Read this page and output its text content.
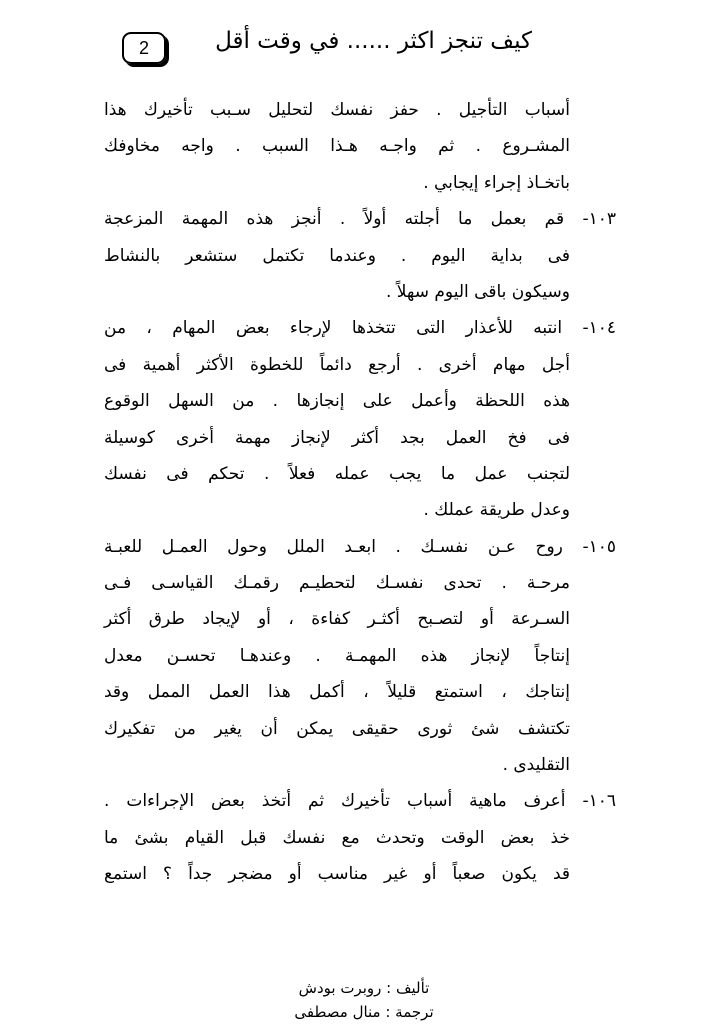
2	كيف تنجز اكثر ...... في وقت أقل
أسباب التأجيل . حفز نفسك لتحليل سـبب تأخيرك هذا
المشـروع . ثم واجـه هـذا السبب . واجه مخاوفك
باتخـاذ إجراء إيجابي .
١٠٣- قم بعمل ما أجلته أولاً . أنجز هذه المهمة المزعجة
فى بداية اليوم . وعندما تكتمل ستشعر بالنشاط
وسيكون باقى اليوم سهلاً .
١٠٤- انتبه للأعذار التى تتخذها لإرجاء بعض المهام ، من
أجل مهام أخرى . أرجع دائماً للخطوة الأكثر أهمية فى
هذه اللحظة وأعمل على إنجازها . من السهل الوقوع
فى فخ العمل بجد أكثر لإنجاز مهمة أخرى كوسيلة
لتجنب عمل ما يجب عمله فعلاً . تحكم فى نفسك
وعدل طريقة عملك .
١٠٥- روح عـن نفسـك . ابعـد الملل وحول العمـل للعبـة
مرحـة . تحدى نفسـك لتحطيـم رقمـك القياسـى فـى
السـرعة أو لتصـبح أكثـر كفاءة ، أو لإيجاد طرق أكثر
إنتاجاً لإنجاز هذه المهمـة . وعندهـا تحسـن معدل
إنتاجك ، استمتع قليلاً ، أكمل هذا العمل الممل وقد
تكتشف شئ ثورى حقيقى يمكن أن يغير من تفكيرك
التقليدى .
١٠٦- أعرف ماهية أسباب تأخيرك ثم أتخذ بعض الإجراءات .
خذ بعض الوقت وتحدث مع نفسك قبل القيام بشئ ما
قد يكون صعباً أو غير مناسب أو مضجر جداً ؟ استمع
تأليف : روبرت بودش
ترجمة : منال مصطفى
